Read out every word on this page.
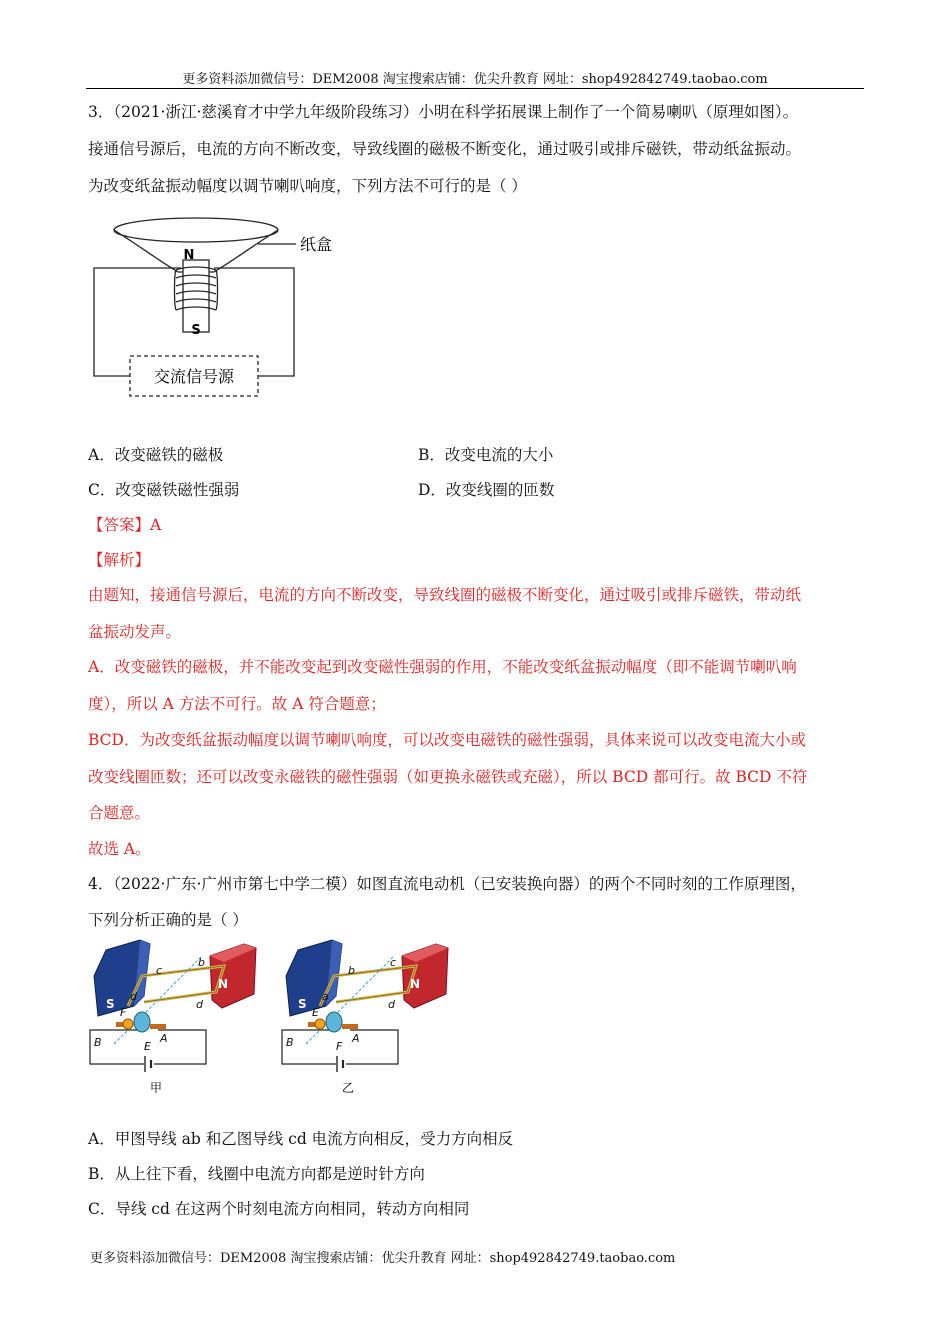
更多资料添加微信号：DEM2008 淘宝搜索店铺：优尖升教育 网址：shop492842749.taobao.com
3．（2021·浙江·慈溪育才中学九年级阶段练习）小明在科学拓展课上制作了一个简易喇叭（原理如图）。
接通信号源后，电流的方向不断改变，导致线圈的磁极不断变化，通过吸引或排斥磁铁，带动纸盆振动。
为改变纸盆振动幅度以调节喇叭响度，下列方法不可行的是（ ）
N
S
纸盒
交流信号源
A．改变磁铁的磁极	B．改变电流的大小
C．改变磁铁磁性强弱	D．改变线圈的匝数
【答案】A
【解析】
由题知，接通信号源后，电流的方向不断改变，导致线圈的磁极不断变化，通过吸引或排斥磁铁，带动纸
盆振动发声。
A．改变磁铁的磁极，并不能改变起到改变磁性强弱的作用，不能改变纸盆振动幅度（即不能调节喇叭响
度），所以 A 方法不可行。故 A 符合题意；
BCD．为改变纸盆振动幅度以调节喇叭响度，可以改变电磁铁的磁性强弱，具体来说可以改变电流大小或
改变线圈匝数；还可以改变永磁铁的磁性强弱（如更换永磁铁或充磁），所以 BCD 都可行。故 BCD 不符
合题意。
故选 A。
4．（2022·广东·广州市第七中学二模）如图直流电动机（已安装换向器）的两个不同时刻的工作原理图，
下列分析正确的是（ ）
c
b
d
d
F
B	A
E
S
N
甲
b
c
a
d
E
B	A
F
S
N
乙
A．甲图导线 ab 和乙图导线 cd 电流方向相反，受力方向相反
B．从上往下看，线圈中电流方向都是逆时针方向
C．导线 cd 在这两个时刻电流方向相同，转动方向相同
更多资料添加微信号：DEM2008 淘宝搜索店铺：优尖升教育 网址：shop492842749.taobao.com
